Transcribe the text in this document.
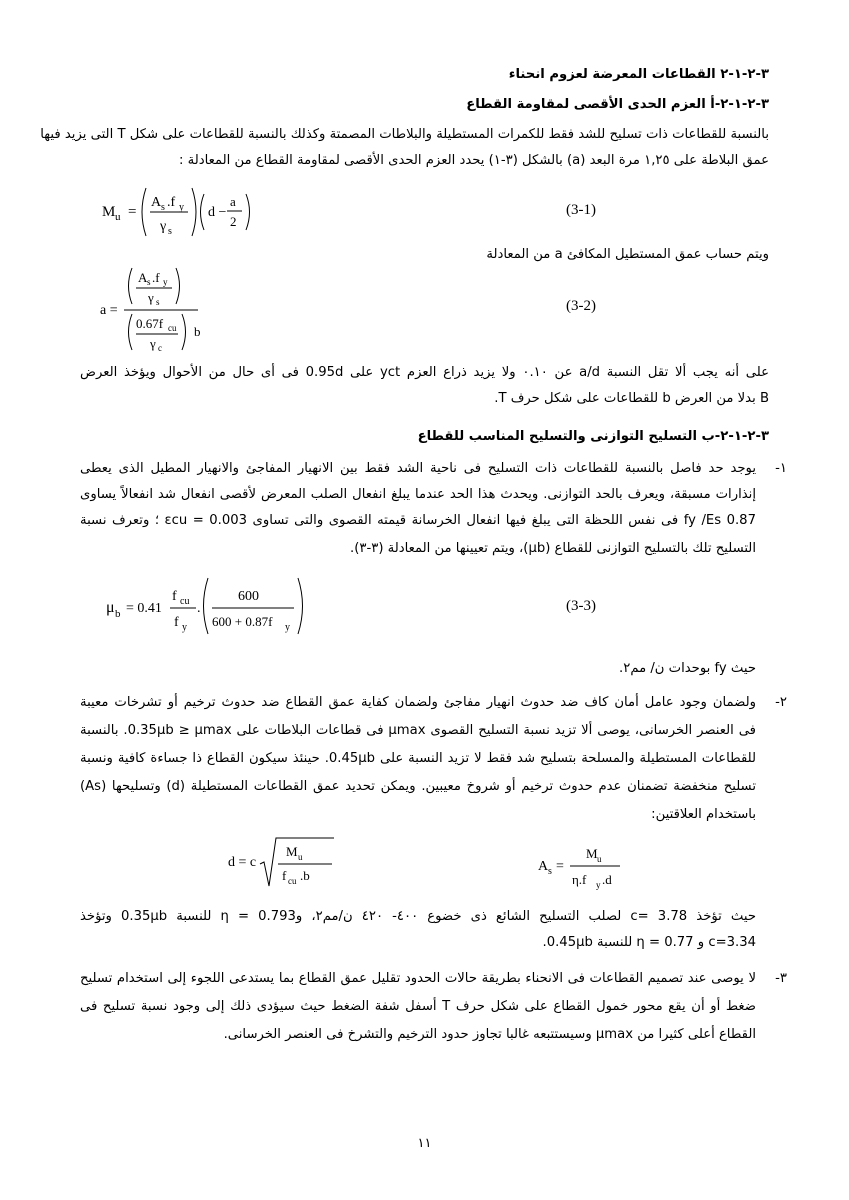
٣-٢-١-٢ القطاعات المعرضة لعزوم انحناء
٣-٢-١-٢-أ العزم الحدى الأقصى لمقاومة القطاع
بالنسبة للقطاعات ذات تسليح للشد فقط للكمرات المستطيلة والبلاطات المصمتة وكذلك بالنسبة للقطاعات على شكل T التى يزيد فيها
عمق البلاطة على ١,٢٥ مرة البعد (a) بالشكل (٣-١) يحدد العزم الحدى الأقصى لمقاومة القطاع من المعادلة :
M u =
A s .f y
γ s
d −
a
2
(3-1)
ويتم حساب عمق المستطيل المكافئ a من المعادلة
a =
A s .f y
γ s
0.67f cu
γ c
b
(3-2)
على أنه يجب ألا تقل النسبة a/d عن ٠.١٠ ولا يزيد ذراع العزم yct على 0.95d فى أى حال من الأحوال ويؤخذ العرض
B بدلا من العرض b للقطاعات على شكل حرف T.
٣-٢-١-٢-ب التسليح التوازنى والتسليح المناسب للقطاع
١-
يوجد حد فاصل بالنسبة للقطاعات ذات التسليح فى ناحية الشد فقط بين الانهيار المفاجئ والانهيار المطيل الذى يعطى
إنذارات مسبقة، ويعرف بالحد التوازنى. ويحدث هذا الحد عندما يبلغ انفعال الصلب المعرض لأقصى انفعال شد انفعالاً يساوى
0.87 fy /Es فى نفس اللحظة التى يبلغ فيها انفعال الخرسانة قيمته القصوى والتى تساوى εcu = 0.003 ؛ وتعرف نسبة
التسليح تلك بالتسليح التوازنى للقطاع (μb)، ويتم تعيينها من المعادلة (٣-٣).
μ b = 0.41
f cu
f y
.
600
600 + 0.87f y
(3-3)
حيث fy بوحدات ن/ مم٢.
٢-
ولضمان وجود عامل أمان كاف ضد حدوث انهيار مفاجئ ولضمان كفاية عمق القطاع ضد حدوث ترخيم أو تشرخات معيبة
فى العنصر الخرسانى، يوصى ألا تزيد نسبة التسليح القصوى μmax فى قطاعات البلاطات على 0.35μb ≥ μmax. بالنسبة
للقطاعات المستطيلة والمسلحة بتسليح شد فقط لا تزيد النسبة على 0.45μb. حينئذ سيكون القطاع ذا جساءة كافية ونسبة
تسليح منخفضة تضمنان عدم حدوث ترخيم أو شروخ معيبين. ويمكن تحديد عمق القطاعات المستطيلة (d) وتسليحها (As)
باستخدام العلاقتين:
d = c
M u
f cu .b
A s =
M u
η.f y .d
حيث تؤخذ c= 3.78 لصلب التسليح الشائع ذى خضوع ٤٠٠- ٤٢٠ ن/مم٢، وη = 0.793 للنسبة 0.35μb وتؤخذ
c=3.34 و η = 0.77 للنسبة 0.45μb.
٣-
لا يوصى عند تصميم القطاعات فى الانحناء بطريقة حالات الحدود تقليل عمق القطاع بما يستدعى اللجوء إلى استخدام تسليح
ضغط أو أن يقع محور خمول القطاع على شكل حرف T أسفل شفة الضغط حيث سيؤدى ذلك إلى وجود نسبة تسليح فى
القطاع أعلى كثيرا من μmax وسيستتبعه غالبا تجاوز حدود الترخيم والتشرخ فى العنصر الخرسانى.
١١
